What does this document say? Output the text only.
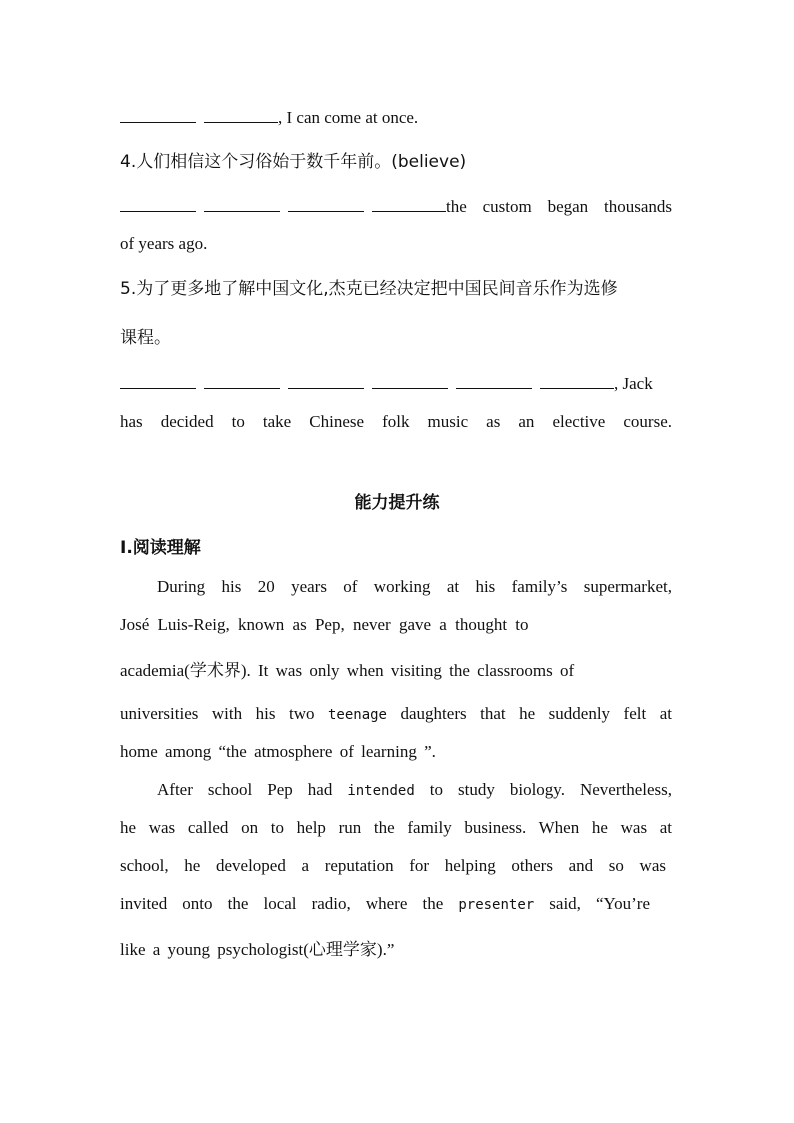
, I can come at once.
4.人们相信这个习俗始于数千年前。(believe)
the custom began thousands
of years ago.
5.为了更多地了解中国文化,杰克已经决定把中国民间音乐作为选修
课程。
, Jack
has decided to take Chinese folk music as an elective course.
能力提升练
Ⅰ.阅读理解
During his 20 years of working at his family’s supermarket,
José Luis-Reig, known as Pep, never gave a thought to
academia(学术界). It was only when visiting the classrooms of
universities with his two teenage daughters that he suddenly felt at
home among “the atmosphere of learning ”.
After school Pep had intended to study biology. Nevertheless,
he was called on to help run the family business. When he was at
school, he developed a reputation for helping others and so was
invited onto the local radio, where the presenter said, “You’re
like a young psychologist(心理学家).”
